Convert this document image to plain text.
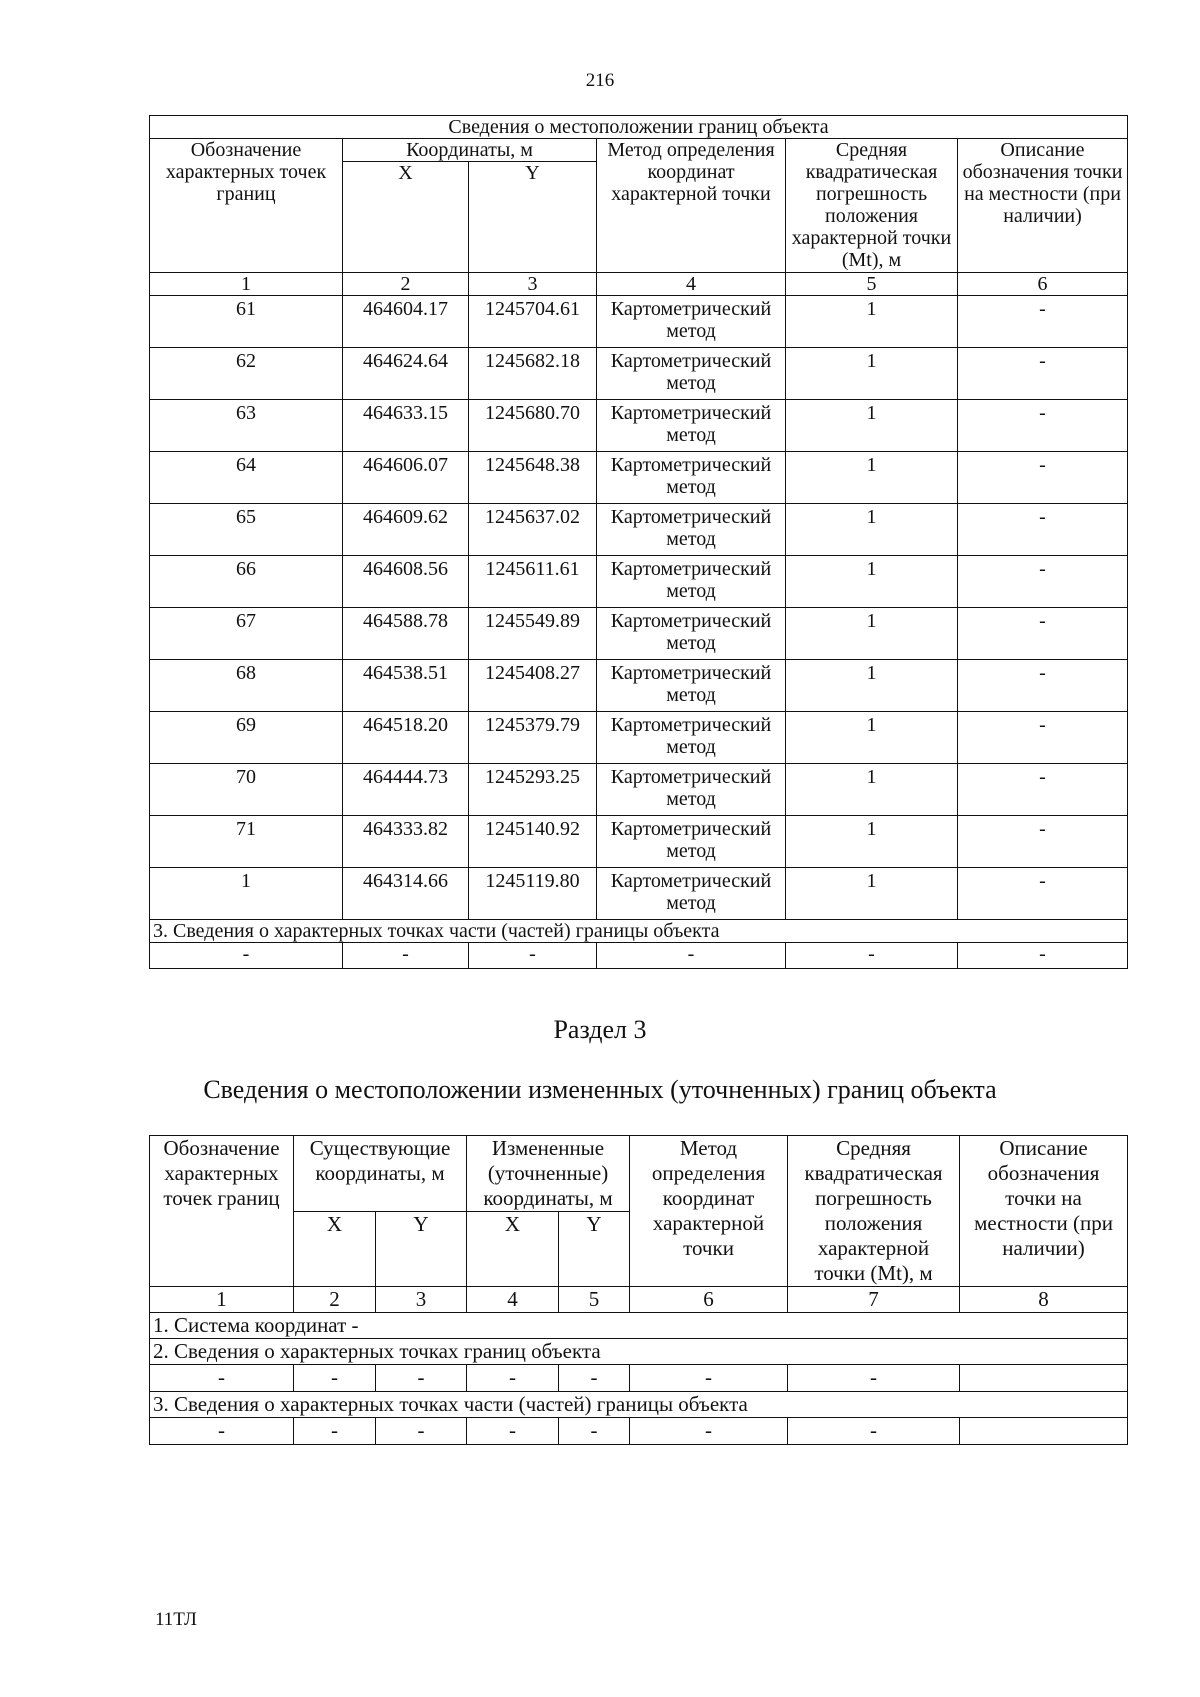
216
Сведения о местоположении границ объекта					
Обозначение характерных точек границ	Координаты, м		Метод определения координат характерной точки	Средняя квадратическая погрешность положения характерной точки (Mt), м	Описание обозначения точки на местности (при наличии)
	X	Y			
1	2	3	4	5	6
61	464604.17	1245704.61	Картометрический метод	1	-
62	464624.64	1245682.18	Картометрический метод	1	-
63	464633.15	1245680.70	Картометрический метод	1	-
64	464606.07	1245648.38	Картометрический метод	1	-
65	464609.62	1245637.02	Картометрический метод	1	-
66	464608.56	1245611.61	Картометрический метод	1	-
67	464588.78	1245549.89	Картометрический метод	1	-
68	464538.51	1245408.27	Картометрический метод	1	-
69	464518.20	1245379.79	Картометрический метод	1	-
70	464444.73	1245293.25	Картометрический метод	1	-
71	464333.82	1245140.92	Картометрический метод	1	-
1	464314.66	1245119.80	Картометрический метод	1	-
3. Сведения о характерных точках части (частей) границы объекта					
-	-	-	-	-	-
Раздел 3
Сведения о местоположении измененных (уточненных) границ объекта
Обозначение характерных точек границ	Существующие координаты, м		Измененные (уточненные) координаты, м		Метод определения координат характерной точки	Средняя квадратическая погрешность положения характерной точки (Mt), м	Описание обозначения точки на местности (при наличии)
	X	Y	X	Y			
1	2	3	4	5	6	7	8
1. Система координат -							
2. Сведения о характерных точках границ объекта							
-	-	-	-	-	-	-	
3. Сведения о характерных точках части (частей) границы объекта							
-	-	-	-	-	-	-	
11ТЛ
